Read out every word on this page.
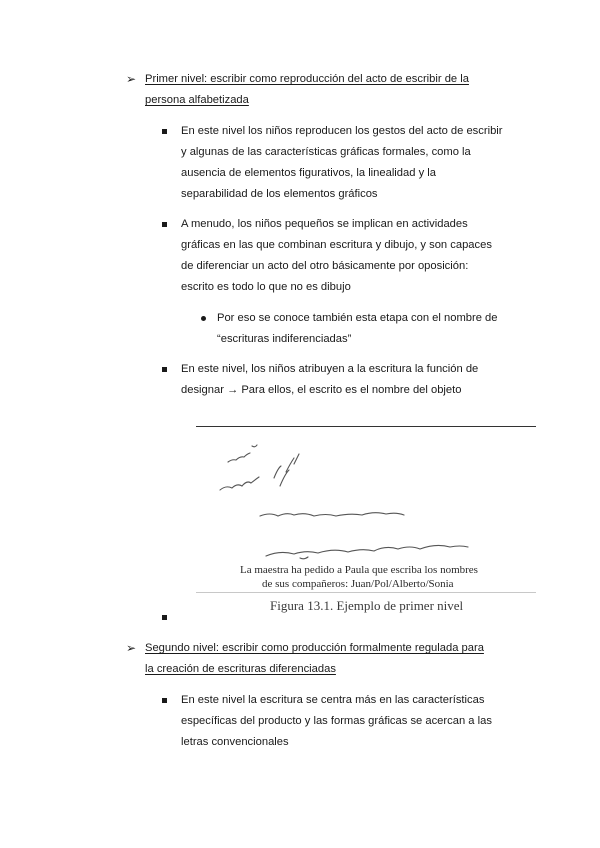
➢ Primer nivel: escribir como reproducción del acto de escribir de la
persona alfabetizada
En este nivel los niños reproducen los gestos del acto de escribir
y algunas de las características gráficas formales, como la
ausencia de elementos figurativos, la linealidad y la
separabilidad de los elementos gráficos
A menudo, los niños pequeños se implican en actividades
gráficas en las que combinan escritura y dibujo, y son capaces
de diferenciar un acto del otro básicamente por oposición:
escrito es todo lo que no es dibujo
Por eso se conoce también esta etapa con el nombre de
“escrituras indiferenciadas”
En este nivel, los niños atribuyen a la escritura la función de
designar → Para ellos, el escrito es el nombre del objeto
La maestra ha pedido a Paula que escriba los nombres
de sus compañeros: Juan/Pol/Alberto/Sonia
Figura 13.1. Ejemplo de primer nivel
➢ Segundo nivel: escribir como producción formalmente regulada para
la creación de escrituras diferenciadas
En este nivel la escritura se centra más en las características
específicas del producto y las formas gráficas se acercan a las
letras convencionales
